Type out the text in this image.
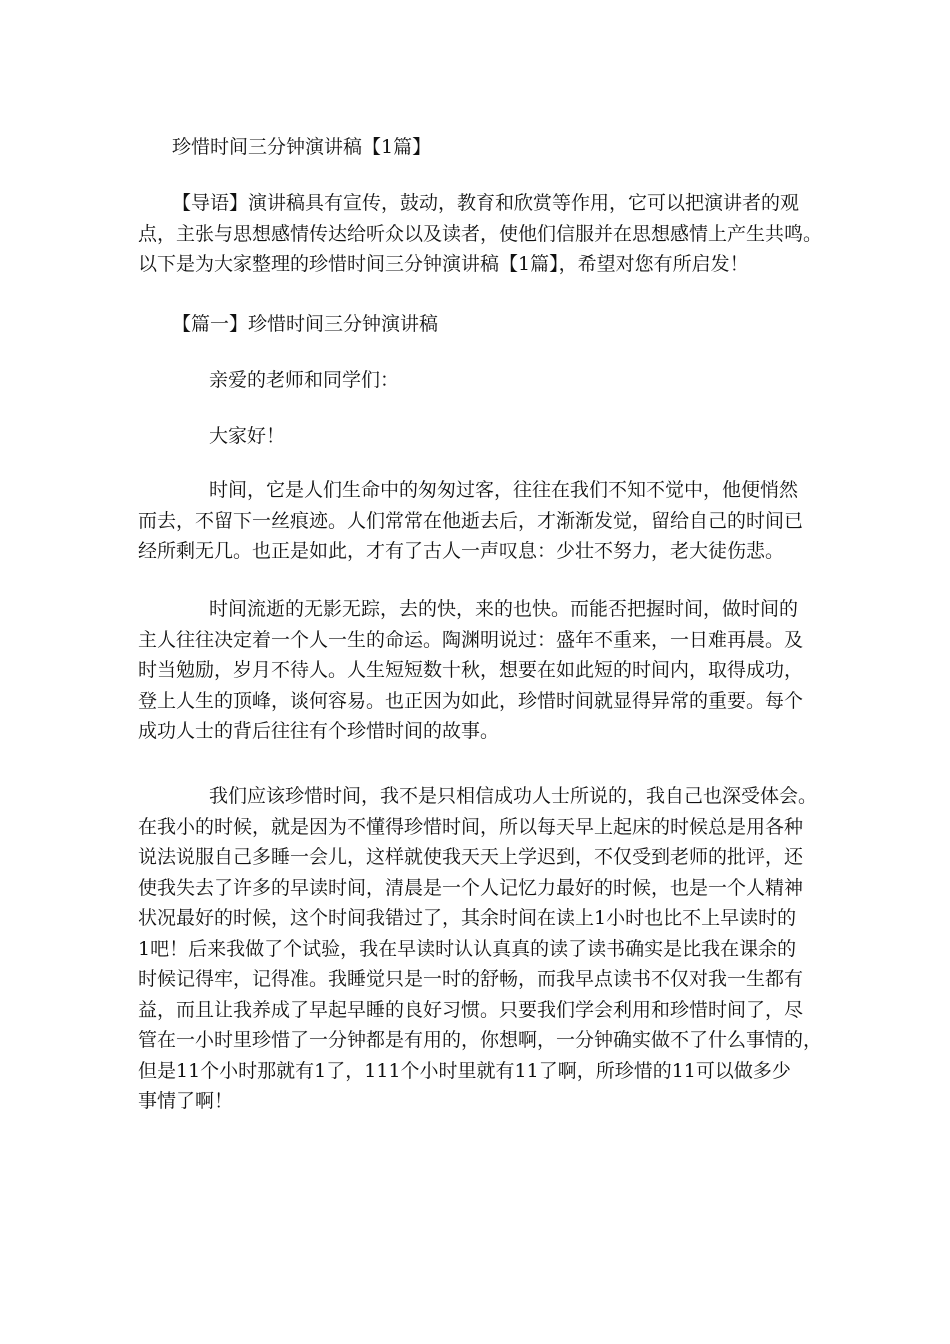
珍惜时间三分钟演讲稿【1篇】

【导语】演讲稿具有宣传，鼓动，教育和欣赏等作用，它可以把演讲者的观
点，主张与思想感情传达给听众以及读者，使他们信服并在思想感情上产生共鸣。
以下是为大家整理的珍惜时间三分钟演讲稿【1篇】，希望对您有所启发！

【篇一】珍惜时间三分钟演讲稿

亲爱的老师和同学们：

大家好！

时间，它是人们生命中的匆匆过客，往往在我们不知不觉中，他便悄然
而去，不留下一丝痕迹。人们常常在他逝去后，才渐渐发觉，留给自己的时间已
经所剩无几。也正是如此，才有了古人一声叹息：少壮不努力，老大徒伤悲。

时间流逝的无影无踪，去的快，来的也快。而能否把握时间，做时间的
主人往往决定着一个人一生的命运。陶渊明说过：盛年不重来，一日难再晨。及
时当勉励，岁月不待人。人生短短数十秋，想要在如此短的时间内，取得成功，
登上人生的顶峰，谈何容易。也正因为如此，珍惜时间就显得异常的重要。每个
成功人士的背后往往有个珍惜时间的故事。

我们应该珍惜时间，我不是只相信成功人士所说的，我自己也深受体会。
在我小的时候，就是因为不懂得珍惜时间，所以每天早上起床的时候总是用各种
说法说服自己多睡一会儿，这样就使我天天上学迟到，不仅受到老师的批评，还
使我失去了许多的早读时间，清晨是一个人记忆力最好的时候，也是一个人精神
状况最好的时候，这个时间我错过了，其余时间在读上1小时也比不上早读时的
1吧！后来我做了个试验，我在早读时认认真真的读了读书确实是比我在课余的
时候记得牢，记得准。我睡觉只是一时的舒畅，而我早点读书不仅对我一生都有
益，而且让我养成了早起早睡的良好习惯。只要我们学会利用和珍惜时间了，尽
管在一小时里珍惜了一分钟都是有用的，你想啊，一分钟确实做不了什么事情的，
但是11个小时那就有1了，111个小时里就有11了啊，所珍惜的11可以做多少
事情了啊！
